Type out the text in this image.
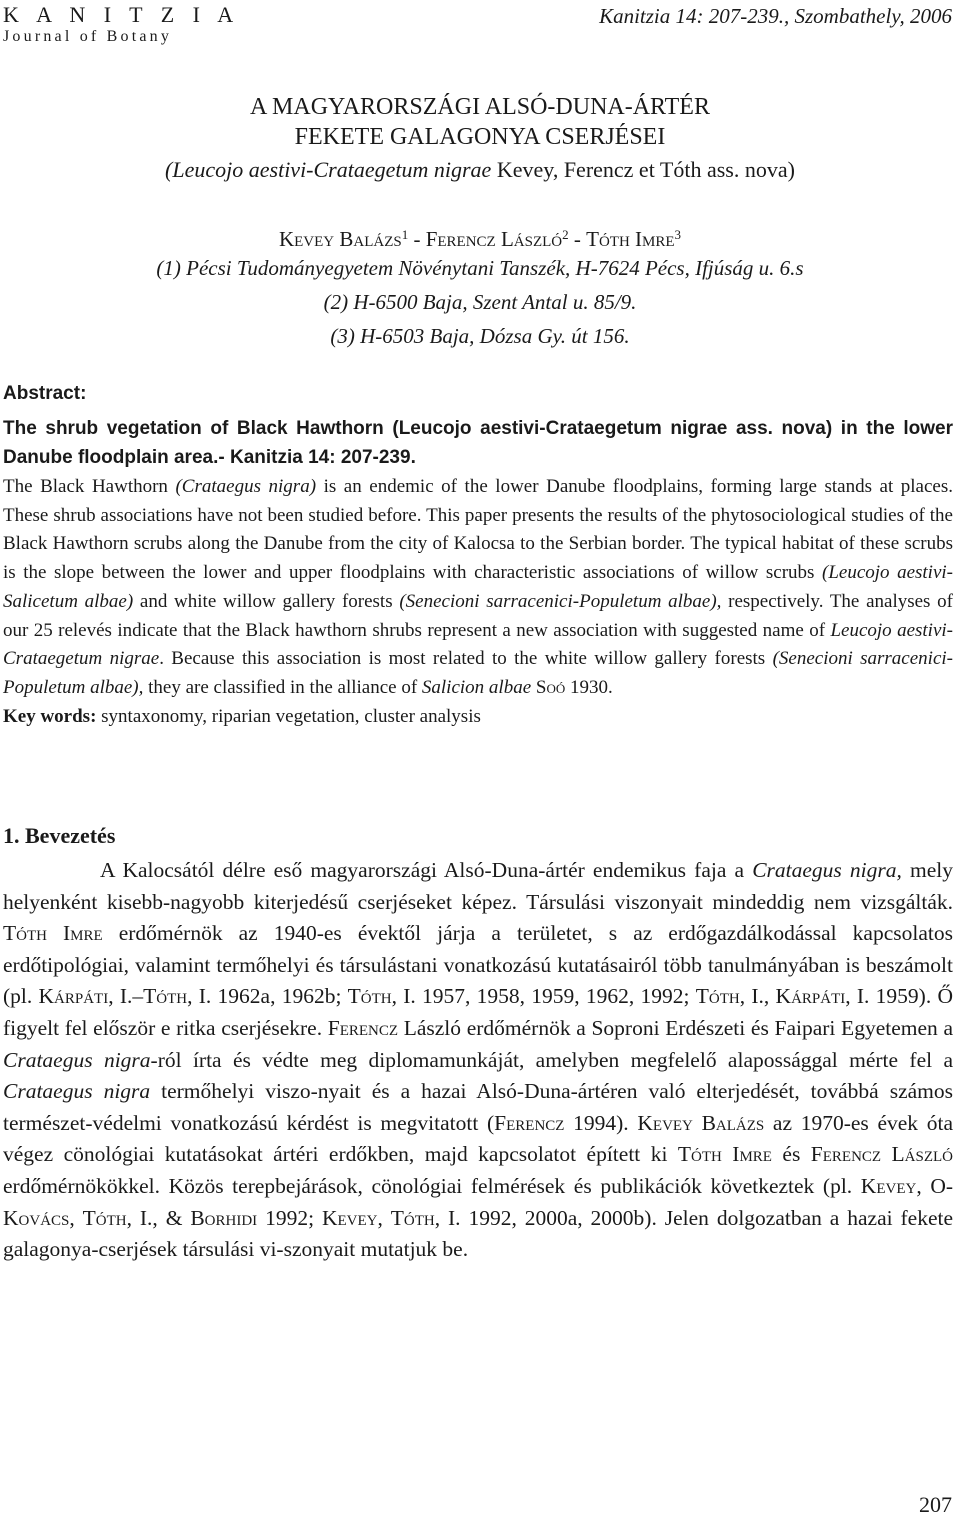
K A N I T Z I A
Journal of Botany
Kanitzia 14: 207-239., Szombathely, 2006
A MAGYARORSZÁGI ALSÓ-DUNA-ÁRTÉR
FEKETE GALAGONYA CSERJÉSEI
(Leucojo aestivi-Crataegetum nigrae Kevey, Ferencz et Tóth ass. nova)
Kevey Balázs$^1$ - Ferencz László$^2$ - Tóth Imre$^3$
(1) Pécsi Tudományegyetem Növénytani Tanszék, H-7624 Pécs, Ifjúság u. 6.s
(2) H-6500 Baja, Szent Antal u. 85/9.
(3) H-6503 Baja, Dózsa Gy. út 156.
Abstract:
The shrub vegetation of Black Hawthorn (Leucojo aestivi-Crataegetum nigrae ass. nova) in the lower Danube floodplain area.- Kanitzia 14: 207-239.
The Black Hawthorn (Crataegus nigra) is an endemic of the lower Danube floodplains, forming large stands at places. These shrub associations have not been studied before. This paper presents the results of the phytosociological studies of the Black Hawthorn scrubs along the Danube from the city of Kalocsa to the Serbian border. The typical habitat of these scrubs is the slope between the lower and upper floodplains with characteristic associations of willow scrubs (Leucojo aestivi-Salicetum albae) and white willow gallery forests (Senecioni sarracenici-Populetum albae), respectively. The analyses of our 25 relevés indicate that the Black hawthorn shrubs represent a new association with suggested name of Leucojo aestivi-Crataegetum nigrae. Because this association is most related to the white willow gallery forests (Senecioni sarracenici-Populetum albae), they are classified in the alliance of Salicion albae Soó 1930.
Key words: syntaxonomy, riparian vegetation, cluster analysis
1. Bevezetés
A Kalocsától délre eső magyarországi Alsó-Duna-ártér endemikus faja a Crataegus nigra, mely helyenként kisebb-nagyobb kiterjedésű cserjéseket képez. Társulási viszonyait mindeddig nem vizsgálták. Tóth Imre erdőmérnök az 1940-es évektől járja a területet, s az erdőgazdálkodással kapcsolatos erdőtipológiai, valamint termőhelyi és társulástani vonatkozású kutatásairól több tanulmányában is beszámolt (pl. Kárpáti, I.–Tóth, I. 1962a, 1962b; Tóth, I. 1957, 1958, 1959, 1962, 1992; Tóth, I., Kárpáti, I. 1959). Ő figyelt fel először e ritka cserjésekre. Ferencz László erdőmérnök a Soproni Erdészeti és Faipari Egyetemen a Crataegus nigra-ról írta és védte meg diplomamunkáját, amelyben megfelelő alapossággal mérte fel a Crataegus nigra termőhelyi viszo-nyait és a hazai Alsó-Duna-ártéren való elterjedését, továbbá számos természet-védelmi vonatkozású kérdést is megvitatott (Ferencz 1994). Kevey Balázs az 1970-es évek óta végez cönológiai kutatásokat ártéri erdőkben, majd kapcsolatot épített ki Tóth Imre és Ferencz László erdőmérnökökkel. Közös terepbejárások, cönológiai felmérések és publikációk következtek (pl. Kevey, O-Kovács, Tóth, I., & Borhidi 1992; Kevey, Tóth, I. 1992, 2000a, 2000b). Jelen dolgozatban a hazai fekete galagonya-cserjések társulási vi-szonyait mutatjuk be.
207
